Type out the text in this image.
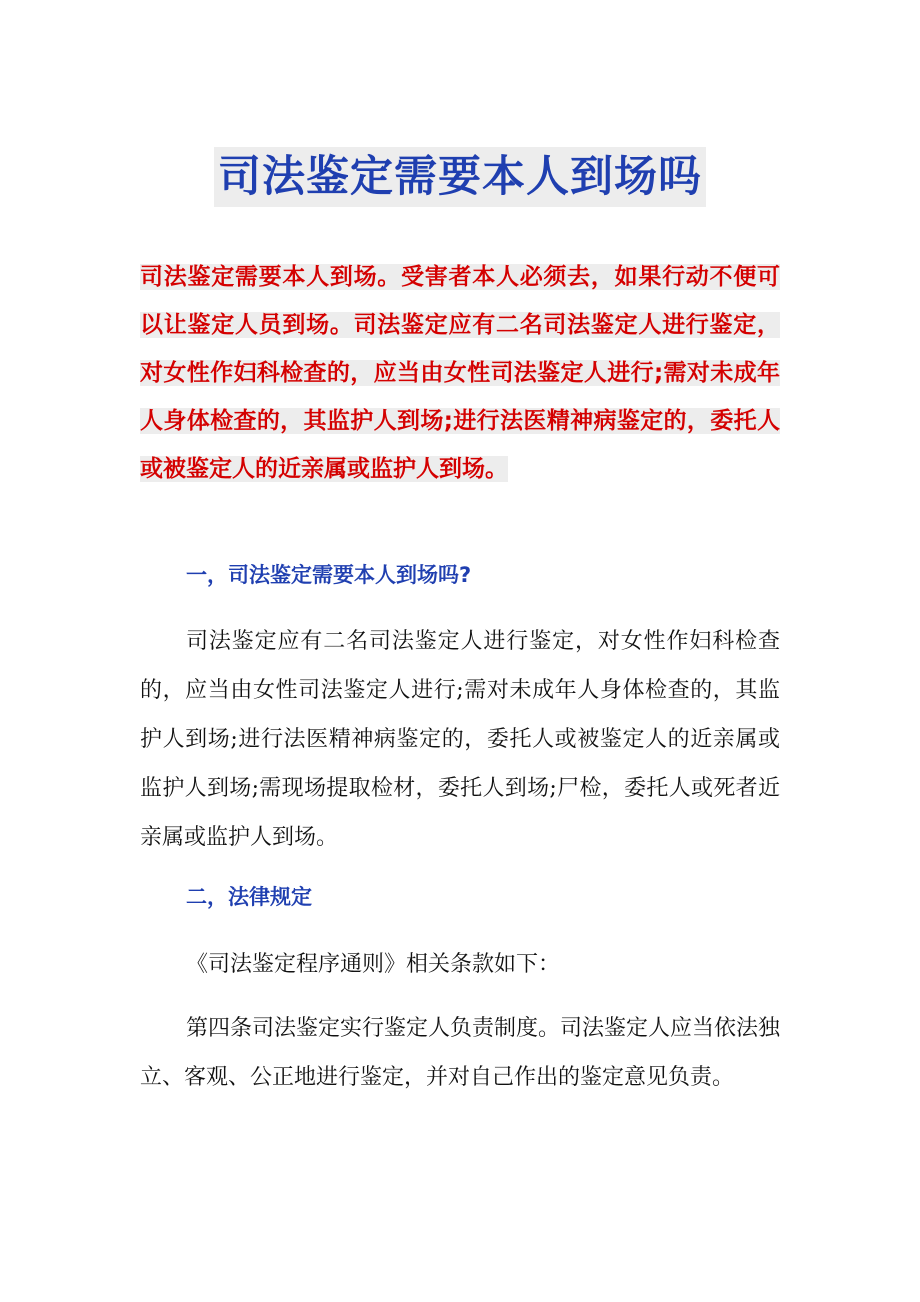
司法鉴定需要本人到场吗

司法鉴定需要本人到场。受害者本人必须去，如果行动不便可以让鉴定人员到场。司法鉴定应有二名司法鉴定人进行鉴定，对女性作妇科检查的，应当由女性司法鉴定人进行;需对未成年人身体检查的，其监护人到场;进行法医精神病鉴定的，委托人或被鉴定人的近亲属或监护人到场。

一，司法鉴定需要本人到场吗?

司法鉴定应有二名司法鉴定人进行鉴定，对女性作妇科检查的，应当由女性司法鉴定人进行;需对未成年人身体检查的，其监护人到场;进行法医精神病鉴定的，委托人或被鉴定人的近亲属或监护人到场;需现场提取检材，委托人到场;尸检，委托人或死者近亲属或监护人到场。

二，法律规定

《司法鉴定程序通则》相关条款如下：

第四条司法鉴定实行鉴定人负责制度。司法鉴定人应当依法独立、客观、公正地进行鉴定，并对自己作出的鉴定意见负责。
